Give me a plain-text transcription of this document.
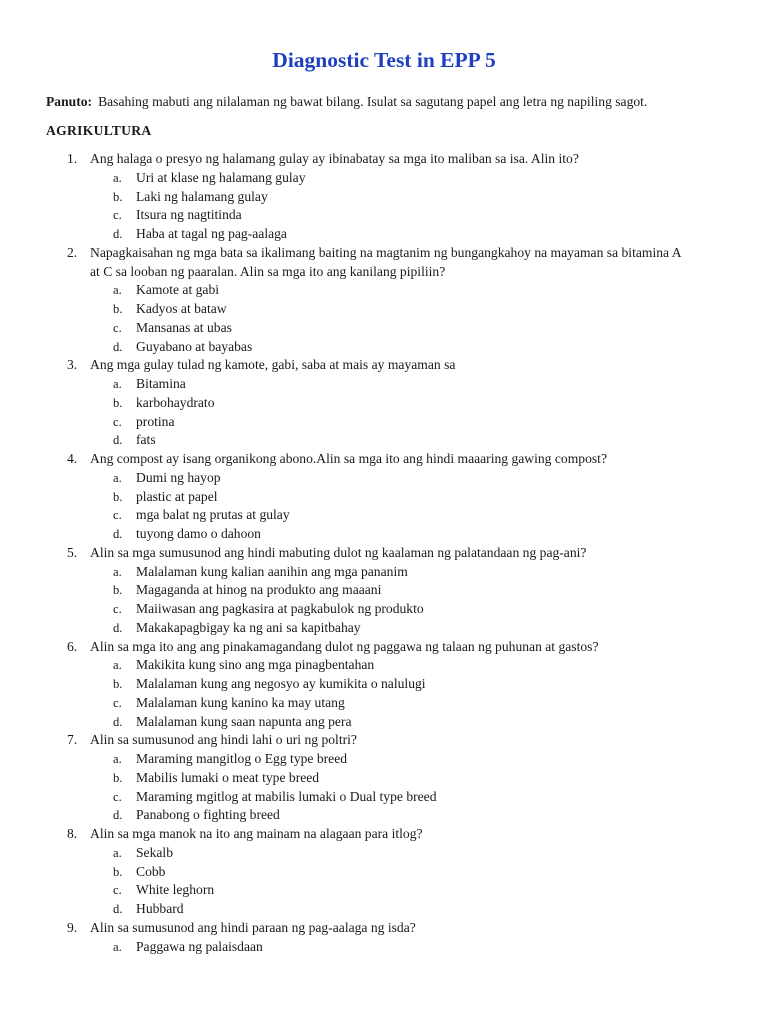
Diagnostic Test in EPP 5
Panuto: Basahing mabuti ang nilalaman ng bawat bilang. Isulat sa sagutang papel ang letra ng napiling sagot.
AGRIKULTURA
1. Ang halaga o presyo ng halamang gulay ay ibinabatay sa mga ito maliban sa isa. Alin ito?
a. Uri at klase ng halamang gulay
b. Laki ng halamang gulay
c. Itsura ng nagtitinda
d. Haba at tagal ng pag-aalaga
2. Napagkaisahan ng mga bata sa ikalimang baiting na magtanim ng bungangkahoy na mayaman sa bitamina A at C sa looban ng paaralan. Alin sa mga ito ang kanilang pipiliin?
a. Kamote at gabi
b. Kadyos at bataw
c. Mansanas at ubas
d. Guyabano at bayabas
3. Ang mga gulay tulad ng kamote, gabi, saba at mais ay mayaman sa
a. Bitamina
b. karbohaydrato
c. protina
d. fats
4. Ang compost ay isang organikong abono.Alin sa mga ito ang hindi maaaring gawing compost?
a. Dumi ng hayop
b. plastic at papel
c. mga balat ng prutas at gulay
d. tuyong damo o dahoon
5. Alin sa mga sumusunod ang hindi mabuting dulot ng kaalaman ng palatandaan ng pag-ani?
a. Malalaman kung kalian aanihin ang mga pananim
b. Magaganda at hinog na produkto ang maaani
c. Maiiwasan ang pagkasira at pagkabulok ng produkto
d. Makakapagbigay ka ng ani sa kapitbahay
6. Alin sa mga ito ang ang pinakamagandang dulot ng paggawa ng talaan ng puhunan at gastos?
a. Makikita kung sino ang mga pinagbentahan
b. Malalaman kung ang negosyo ay kumikita o nalulugi
c. Malalaman kung kanino ka may utang
d. Malalaman kung saan napunta ang pera
7. Alin sa sumusunod ang hindi lahi o uri ng poltri?
a. Maraming mangitlog o Egg type breed
b. Mabilis lumaki o meat type breed
c. Maraming mgitlog at mabilis lumaki o Dual type breed
d. Panabong o fighting breed
8. Alin sa mga manok na ito ang mainam na alagaan para itlog?
a. Sekalb
b. Cobb
c. White leghorn
d. Hubbard
9. Alin sa sumusunod ang hindi paraan ng pag-aalaga ng isda?
a. Paggawa ng palaisdaan
